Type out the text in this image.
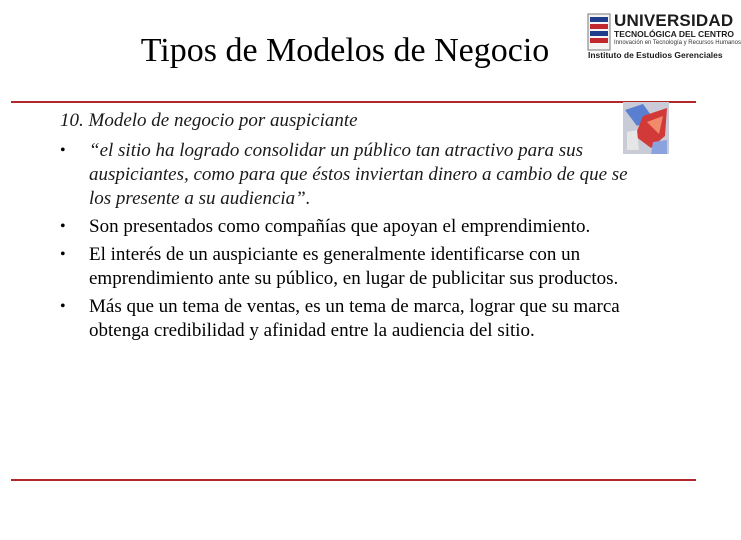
UNIVERSIDAD
TECNOLÓGICA DEL CENTRO
Innovación en Tecnología y Recursos Humanos
Instituto de Estudios Gerenciales
Tipos de Modelos de Negocio
10. Modelo de negocio por auspiciante
• “el sitio ha logrado consolidar un público tan atractivo para sus auspiciantes, como para que éstos inviertan dinero a cambio de que se los presente a su audiencia”.
• Son presentados como compañías que apoyan el emprendimiento.
• El interés de un auspiciante es generalmente identificarse con un emprendimiento ante su público, en lugar de publicitar sus productos.
• Más que un tema de ventas, es un tema de marca, lograr que su marca obtenga credibilidad y afinidad entre la audiencia del sitio.
